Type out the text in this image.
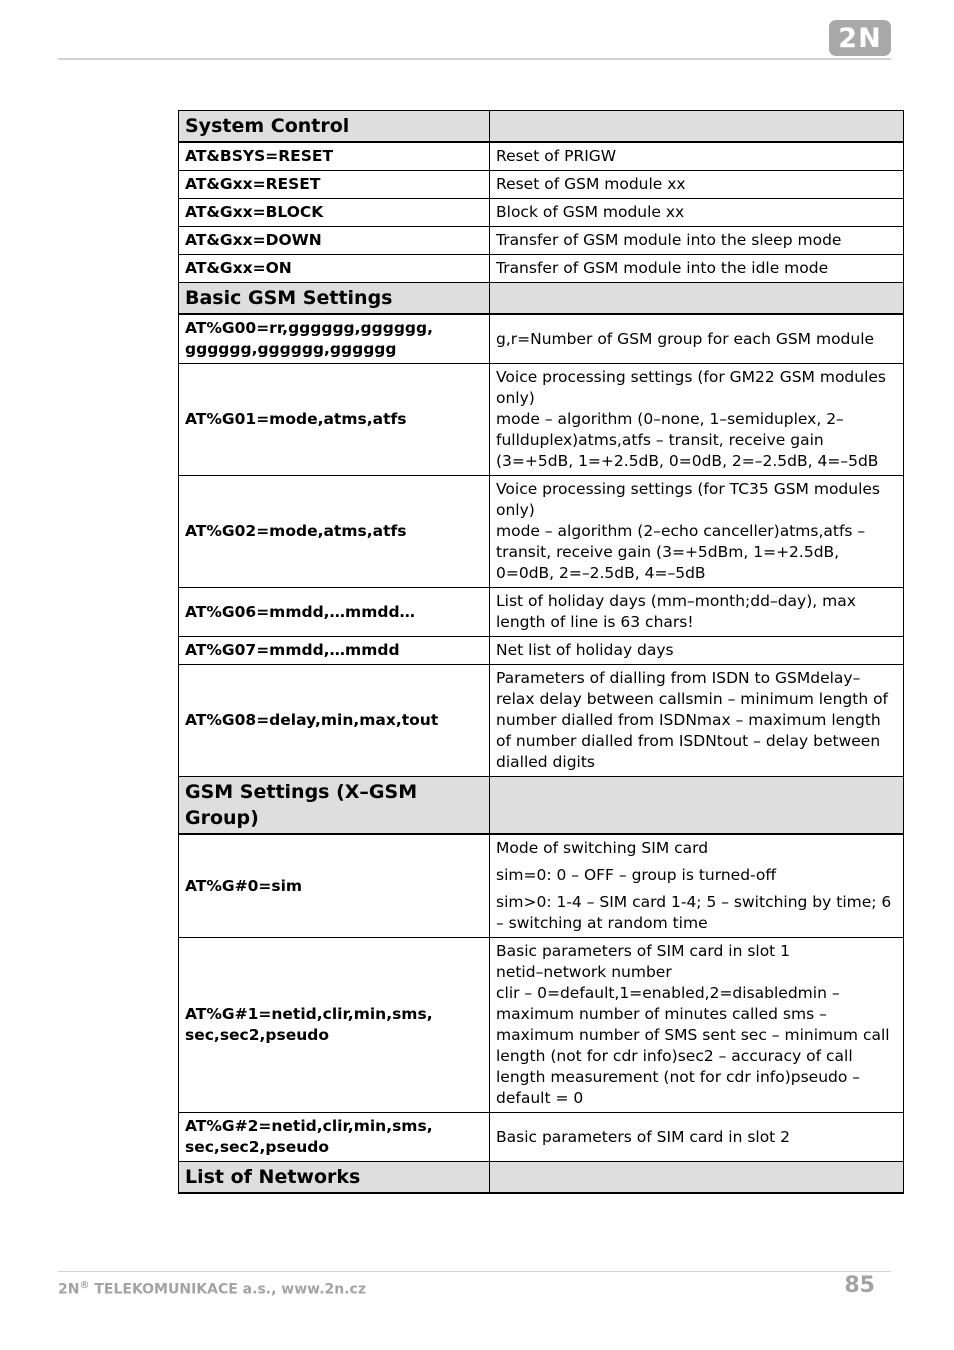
2N
System Control	
AT&BSYS=RESET	Reset of PRIGW

AT&Gxx=RESET	Reset of GSM module xx

AT&Gxx=BLOCK	Block of GSM module xx

AT&Gxx=DOWN	Transfer of GSM module into the sleep mode

AT&Gxx=ON	Transfer of GSM module into the idle mode

Basic GSM Settings	
AT%G00=rr,gggggg,gggggg,
gggggg,gggggg,gggggg	g,r=Number of GSM group for each GSM module

AT%G01=mode,atms,atfs	Voice processing settings (for GM22 GSM modules only)
mode – algorithm (0–none, 1–semiduplex, 2–fullduplex)atms,atfs – transit, receive gain (3=+5dB, 1=+2.5dB, 0=0dB, 2=–2.5dB, 4=–5dB

AT%G02=mode,atms,atfs	Voice processing settings (for TC35 GSM modules only)
mode – algorithm (2–echo canceller)atms,atfs – transit, receive gain (3=+5dBm, 1=+2.5dB, 0=0dB, 2=–2.5dB, 4=–5dB

AT%G06=mmdd,…mmdd…	List of holiday days (mm–month;dd–day), max length of line is 63 chars!

AT%G07=mmdd,…mmdd	Net list of holiday days

AT%G08=delay,min,max,tout	Parameters of dialling from ISDN to GSMdelay– relax delay between callsmin – minimum length of number dialled from ISDNmax – maximum length of number dialled from ISDNtout – delay between dialled digits

GSM Settings (X–GSM Group)	
AT%G#0=sim	Mode of switching SIM card

sim=0: 0 – OFF – group is turned-off

sim>0: 1-4 – SIM card 1-4; 5 – switching by time; 6 – switching at random time

AT%G#1=netid,clir,min,sms,
sec,sec2,pseudo	Basic parameters of SIM card in slot 1
netid–network number
clir – 0=default,1=enabled,2=disabledmin – maximum number of minutes called sms – maximum number of SMS sent sec – minimum call length (not for cdr info)sec2 – accuracy of call length measurement (not for cdr info)pseudo – default = 0

AT%G#2=netid,clir,min,sms,
sec,sec2,pseudo	Basic parameters of SIM card in slot 2

List of Networks	
2N® TELEKOMUNIKACE a.s., www.2n.cz	85
